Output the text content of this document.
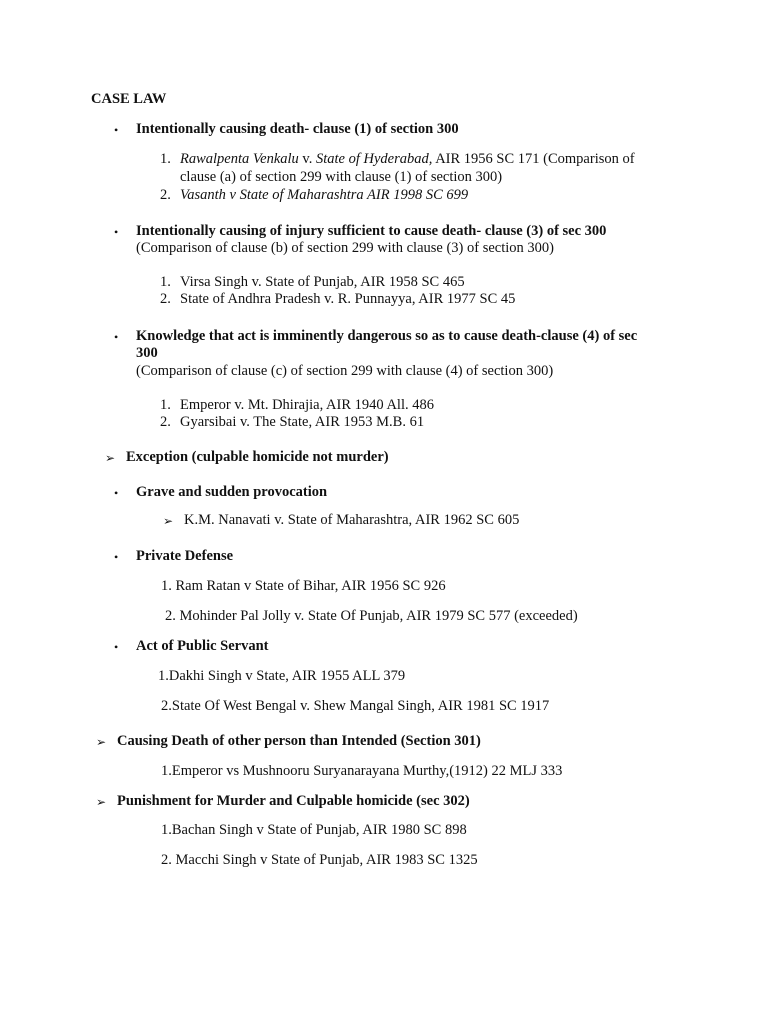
CASE LAW
• Intentionally causing death- clause (1) of section 300
1. Rawalpenta Venkalu v. State of Hyderabad, AIR 1956 SC 171 (Comparison of
clause (a) of section 299 with clause (1) of section 300)
2. Vasanth v State of Maharashtra AIR 1998 SC 699
• Intentionally causing of injury sufficient to cause death- clause (3) of sec 300
(Comparison of clause (b) of section 299 with clause (3) of section 300)
1. Virsa Singh v. State of Punjab, AIR 1958 SC 465
2. State of Andhra Pradesh v. R. Punnayya, AIR 1977 SC 45
• Knowledge that act is imminently dangerous so as to cause death-clause (4) of sec
300
(Comparison of clause (c) of section 299 with clause (4) of section 300)
1. Emperor v. Mt. Dhirajia, AIR 1940 All. 486
2. Gyarsibai v. The State, AIR 1953 M.B. 61
➢ Exception (culpable homicide not murder)
• Grave and sudden provocation
➢ K.M. Nanavati v. State of Maharashtra, AIR 1962 SC 605
• Private Defense
1. Ram Ratan v State of Bihar, AIR 1956 SC 926
2. Mohinder Pal Jolly v. State Of Punjab, AIR 1979 SC 577 (exceeded)
• Act of Public Servant
1.Dakhi Singh v State, AIR 1955 ALL 379
2.State Of West Bengal v. Shew Mangal Singh, AIR 1981 SC 1917
➢ Causing Death of other person than Intended (Section 301)
1.Emperor vs Mushnooru Suryanarayana Murthy,(1912) 22 MLJ 333
➢ Punishment for Murder and Culpable homicide (sec 302)
1.Bachan Singh v State of Punjab, AIR 1980 SC 898
2. Macchi Singh v State of Punjab, AIR 1983 SC 1325
